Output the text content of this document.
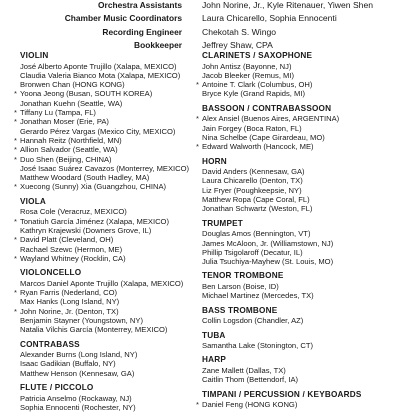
Orchestra Assistants John Norine, Jr., Kyle Ritenauer, Yiwen Shen
Chamber Music Coordinators Laura Chicarello, Sophia Ennocenti
Recording Engineer Chekotah S. Wingo
Bookkeeper Jeffrey Shaw, CPA
VIOLIN
José Alberto Aponte Trujillo (Xalapa, MEXICO)
Claudia Valeria Bianco Mota (Xalapa, MEXICO)
Bronwen Chan (HONG KONG)
* Yoona Jeong (Busan, SOUTH KOREA)
Jonathan Kuehn (Seattle, WA)
* Tiffany Lu (Tampa, FL)
* Jonathan Moser (Erie, PA)
Gerardo Pérez Vargas (Mexico City, MEXICO)
* Hannah Reitz (Northfield, MN)
* Allion Salvador (Seattle, WA)
* Duo Shen (Beijing, CHINA)
José Isaac Suárez Cavazos (Monterrey, MEXICO)
Matthew Woodard (South Hadley, MA)
* Xuecong (Sunny) Xia (Guangzhou, CHINA)
VIOLA
Rosa Cole (Veracruz, MEXICO)
* Tonatiuh García Jiménez (Xalapa, MEXICO)
Kathryn Krajewski (Downers Grove, IL)
* David Platt (Cleveland, OH)
Rachael Szewc (Hermon, ME)
* Wayland Whitney (Rocklin, CA)
VIOLONCELLO
Marcos Daniel Aponte Trujillo (Xalapa, MEXICO)
* Ryan Farris (Nederland, CO)
Max Hanks (Long Island, NY)
* John Norine, Jr. (Denton, TX)
Benjamin Stayner (Youngstown, NY)
Natalia Vilchis García (Monterrey, MEXICO)
CONTRABASS
Alexander Burns (Long Island, NY)
Isaac Gadikian (Buffalo, NY)
Matthew Henson (Kennesaw, GA)
FLUTE / PICCOLO
Patricia Anselmo (Rockaway, NJ)
Sophia Ennocenti (Rochester, NY)
CLARINETS / SAXOPHONE
John Antisz (Bayonne, NJ)
Jacob Bleeker (Remus, MI)
* Antoine T. Clark (Columbus, OH)
Bryce Kyle (Grand Rapids, MI)
BASSOON / CONTRABASSOON
* Alex Ansiel (Buenos Aires, ARGENTINA)
Jain Forgey (Boca Raton, FL)
Nina Schelbe (Cape Girardeau, MO)
* Edward Walworth (Hancock, ME)
HORN
David Anders (Kennesaw, GA)
Laura Chicarello (Denton, TX)
Liz Fryer (Poughkeepsie, NY)
Matthew Ropa (Cape Coral, FL)
Jonathan Schwartz (Weston, FL)
TRUMPET
Douglas Amos (Bennington, VT)
James McAloon, Jr. (Williamstown, NJ)
Phillip Tsigolaroff (Decatur, IL)
Julia Tsuchiya-Mayhew (St. Louis, MO)
TENOR TROMBONE
Ben Larson (Boise, ID)
Michael Martinez (Mercedes, TX)
BASS TROMBONE
Collin Logsdon (Chandler, AZ)
TUBA
Samantha Lake (Stonington, CT)
HARP
Zane Mallett (Dallas, TX)
Caitlin Thom (Bettendorf, IA)
TIMPANI / PERCUSSION / KEYBOARDS
* Daniel Feng (HONG KONG)
